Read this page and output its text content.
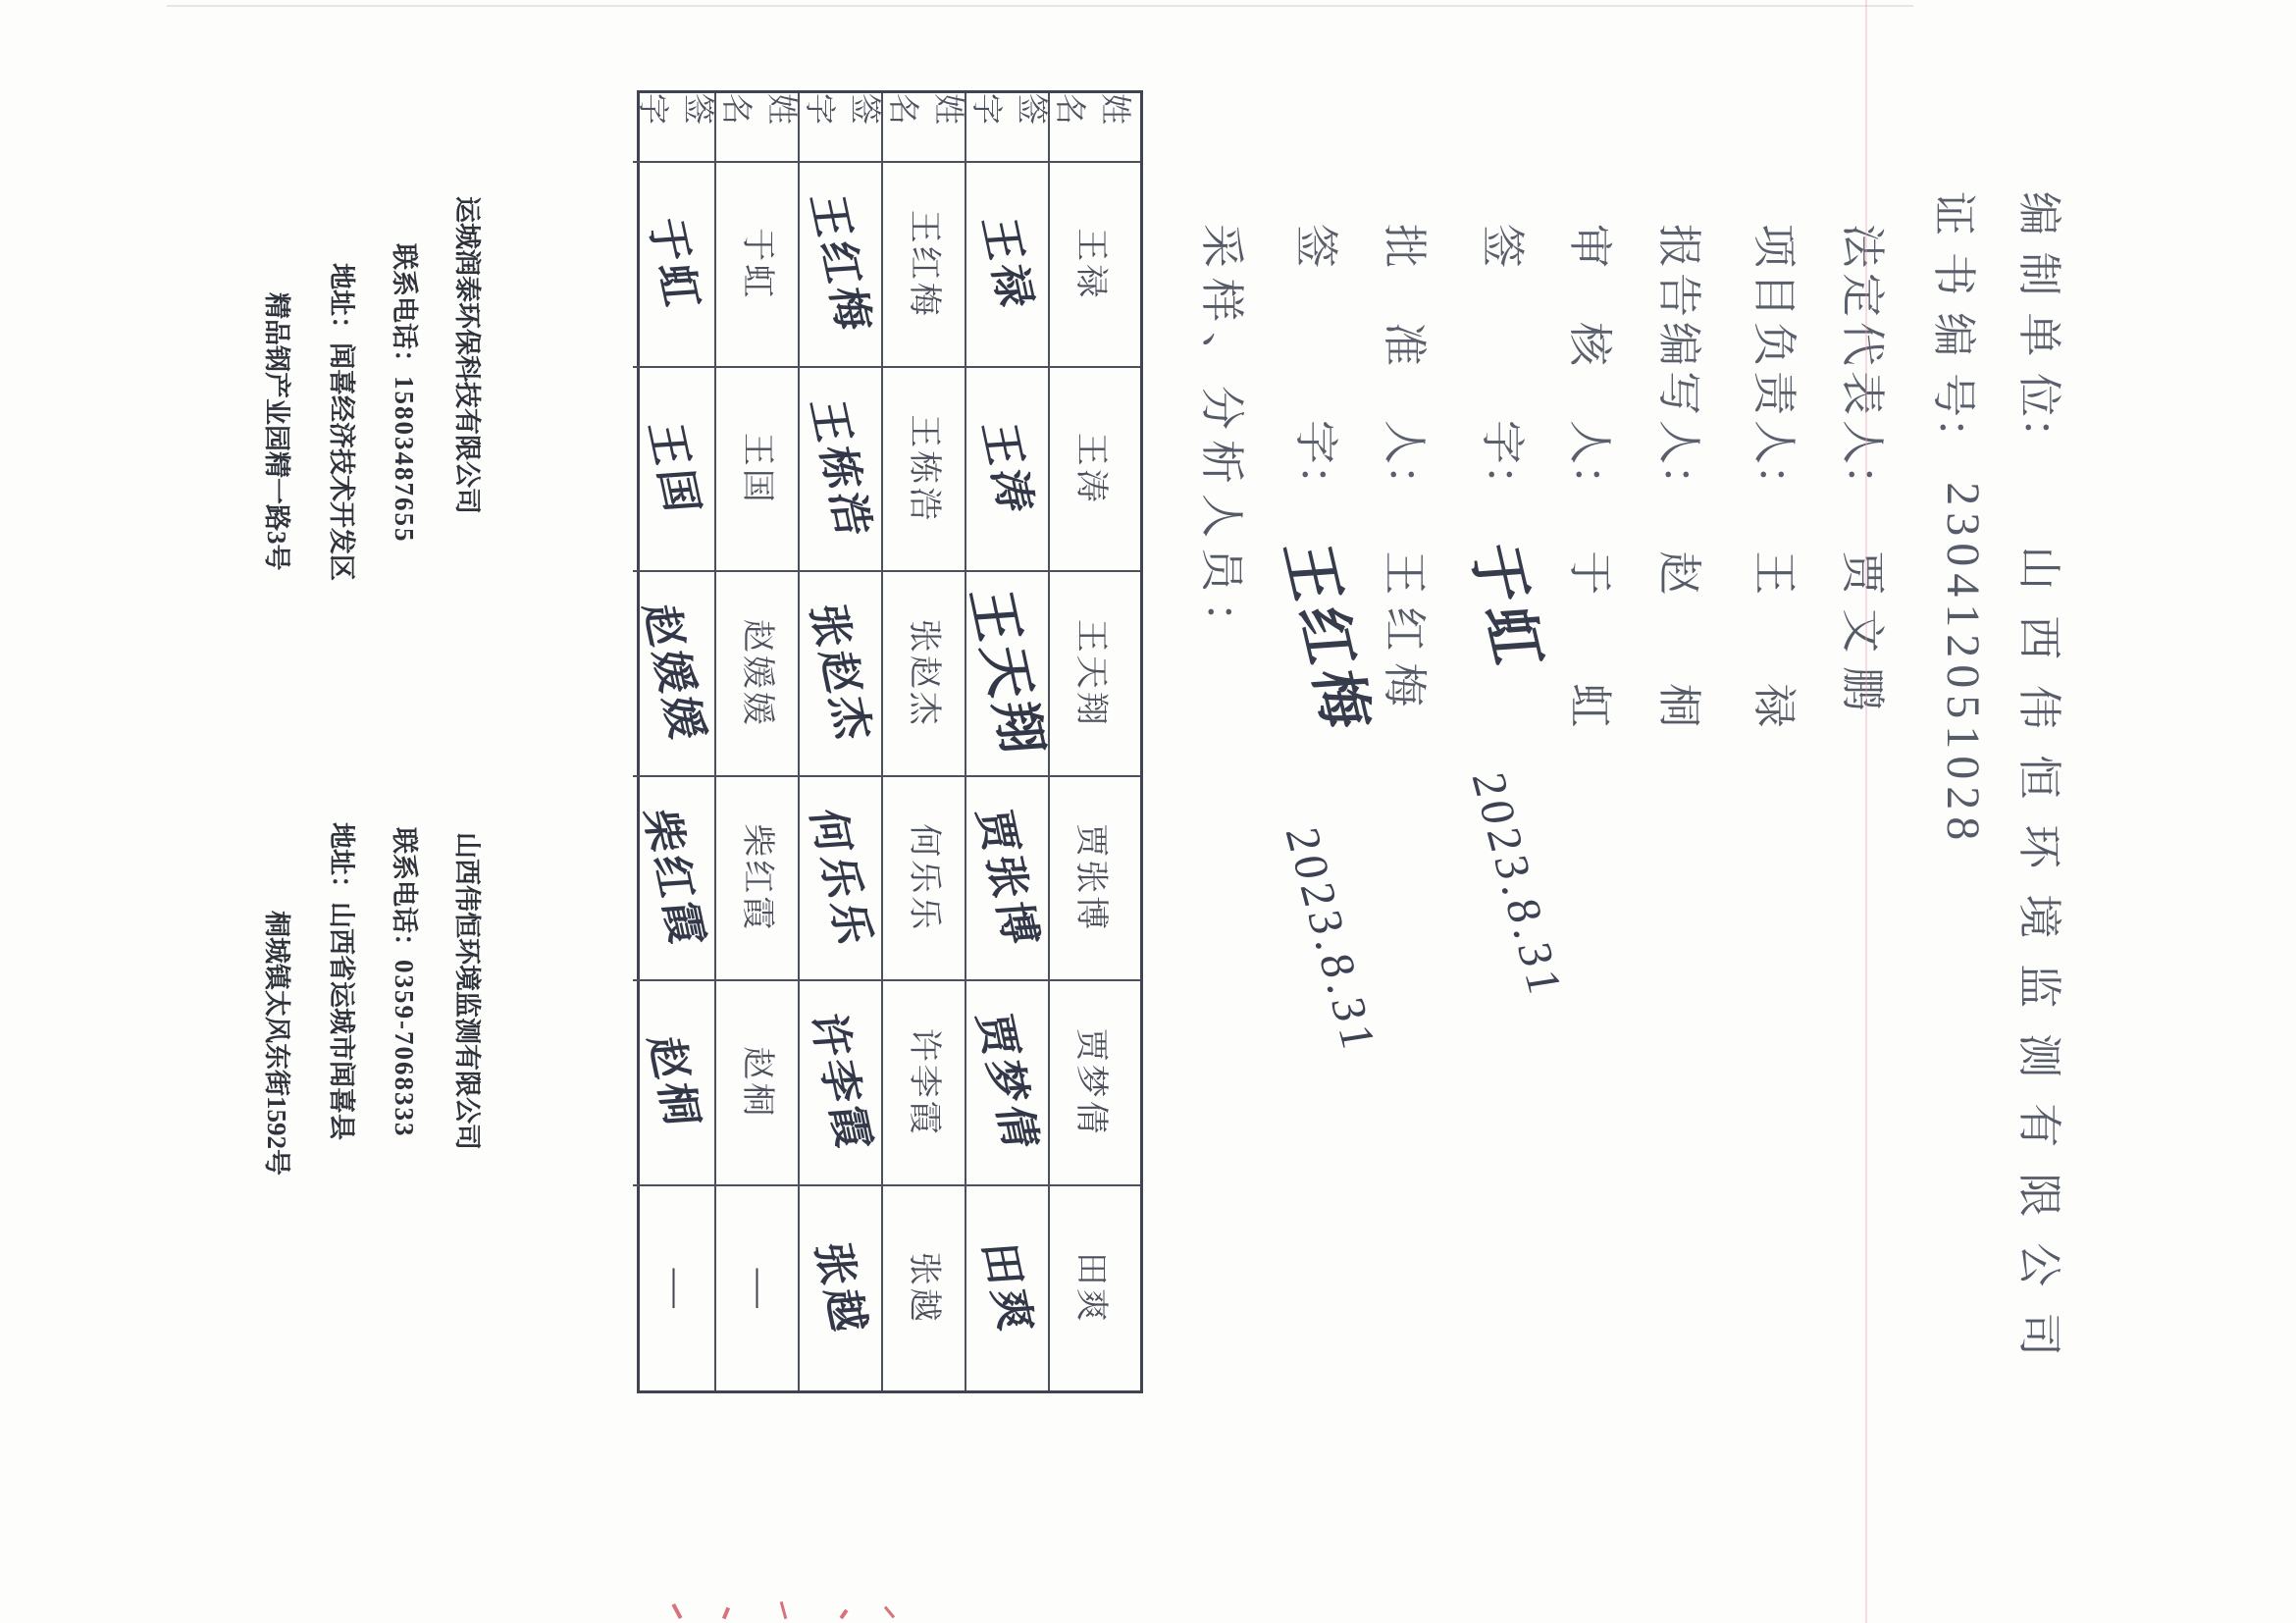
编制单位： 山西伟恒环境监测有限公司
证书编号： 230412051028
法定代表人： 贾文鹏
项目负责人： 王　　禄
报告编写人： 赵　　桐
审核人： 于　　虹
签字： 于虹 2023.8.31
批准人： 王红梅
签字： 王红梅 2023.8.31
采样、分析人员：
姓 名
王禄
王涛
王天翔
贾张博
贾梦倩
田爽
签 字
王禄
王涛
王天翔
贾张博
贾梦倩
田爽
姓 名
王红梅
王栋浩
张赵杰
何乐乐
许李霞
张越
签 字
王红梅
王栋浩
张赵杰
何乐乐
许李霞
张越
姓 名
于虹
王国
赵媛媛
柴红霞
赵桐
—
签 字
于虹
王国
赵媛媛
柴红霞
赵桐
—
运城润泰环保科技有限公司
山西伟恒环境监测有限公司
联系电话：15803487655
联系电话：0359-7068333
地址：闻喜经济技术开发区
地址：山西省运城市闻喜县
精品钢产业园精一路3号
桐城镇太风东街1592号
